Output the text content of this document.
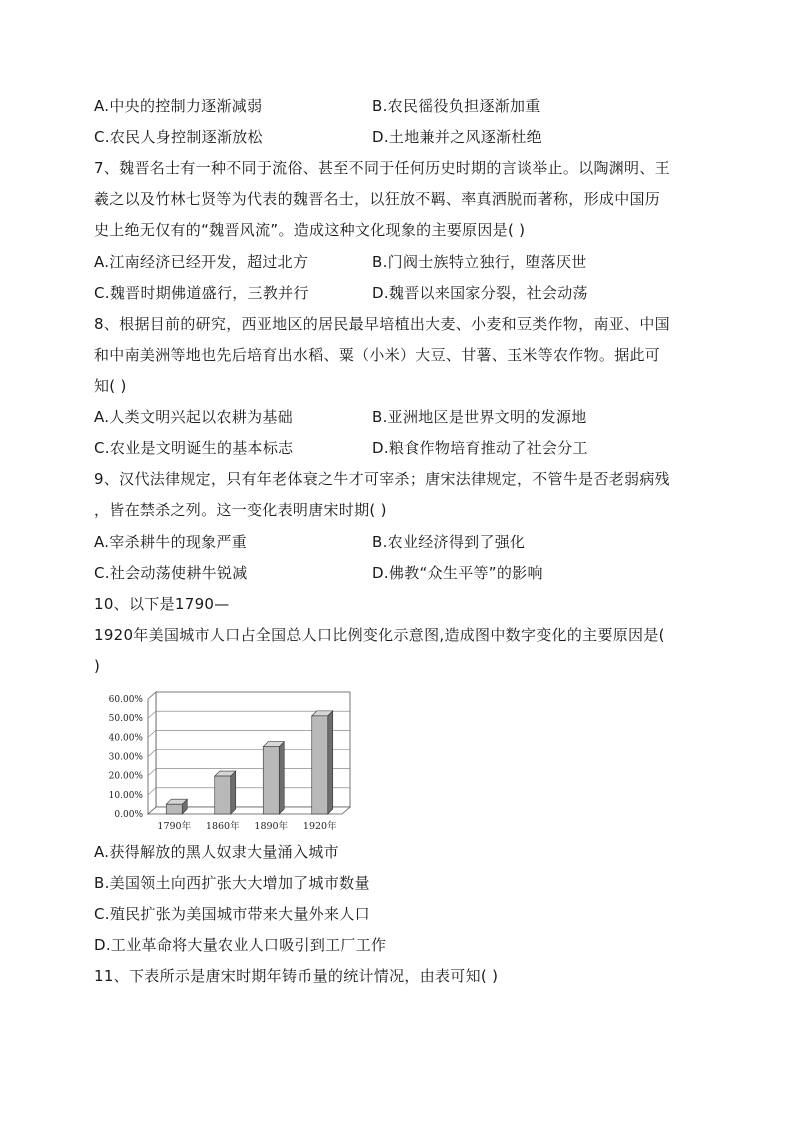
A.中央的控制力逐渐减弱	B.农民徭役负担逐渐加重
C.农民人身控制逐渐放松	D.土地兼并之风逐渐杜绝
7、魏晋名士有一种不同于流俗、甚至不同于任何历史时期的言谈举止。以陶渊明、王
羲之以及竹林七贤等为代表的魏晋名士，以狂放不羁、率真洒脱而著称，形成中国历
史上绝无仅有的“魏晋风流”。造成这种文化现象的主要原因是( )
A.江南经济已经开发，超过北方	B.门阀士族特立独行，堕落厌世
C.魏晋时期佛道盛行，三教并行	D.魏晋以来国家分裂，社会动荡
8、根据目前的研究，西亚地区的居民最早培植出大麦、小麦和豆类作物，南亚、中国
和中南美洲等地也先后培育出水稻、粟（小米）大豆、甘薯、玉米等农作物。据此可
知( )
A.人类文明兴起以农耕为基础	B.亚洲地区是世界文明的发源地
C.农业是文明诞生的基本标志	D.粮食作物培育推动了社会分工
9、汉代法律规定，只有年老体衰之牛才可宰杀；唐宋法律规定，不管牛是否老弱病残
，皆在禁杀之列。这一变化表明唐宋时期( )
A.宰杀耕牛的现象严重	B.农业经济得到了强化
C.社会动荡使耕牛锐减	D.佛教“众生平等”的影响
10、以下是1790—
1920年美国城市人口占全国总人口比例变化示意图,造成图中数字变化的主要原因是(
)
0.00%
10.00%
20.00%
30.00%
40.00%
50.00%
60.00%
1790年 1860年 1890年 1920年
A.获得解放的黑人奴隶大量涌入城市
B.美国领土向西扩张大大增加了城市数量
C.殖民扩张为美国城市带来大量外来人口
D.工业革命将大量农业人口吸引到工厂工作
11、下表所示是唐宋时期年铸币量的统计情况，由表可知( )
